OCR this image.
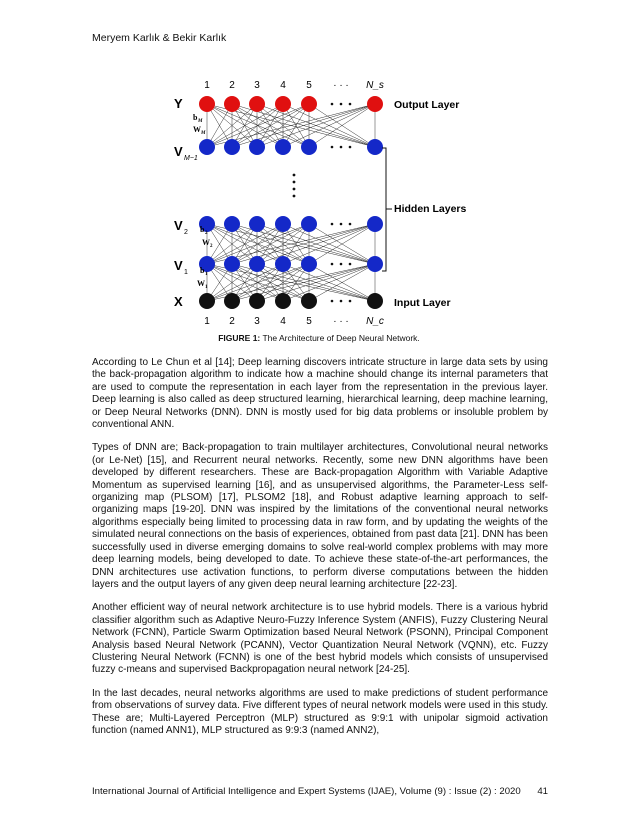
Meryem Karlık & Bekir Karlık
1 2 3 4 5 · · · N_s
1 2 3 4 5 · · · N_c
Y
V M−1
V 2
V 1
X
b M
W M
b 2
W 2
b 1
W 1
Output Layer
Hidden Layers
Input Layer
FIGURE 1: The Architecture of Deep Neural Network.

According to Le Chun et al [14]; Deep learning discovers intricate structure in large data sets by using the back-propagation algorithm to indicate how a machine should change its internal parameters that are used to compute the representation in each layer from the representation in the previous layer. Deep learning is also called as deep structured learning, hierarchical learning, deep machine learning, or Deep Neural Networks (DNN). DNN is mostly used for big data problems or insoluble problem by conventional ANN.

Types of DNN are; Back-propagation to train multilayer architectures, Convolutional neural networks (or Le-Net) [15], and Recurrent neural networks. Recently, some new DNN algorithms have been developed by different researchers. These are Back-propagation Algorithm with Variable Adaptive Momentum as supervised learning [16], and as unsupervised algorithms, the Parameter-Less self-organizing map (PLSOM) [17], PLSOM2 [18], and Robust adaptive learning approach to self-organizing maps [19-20]. DNN was inspired by the limitations of the conventional neural networks algorithms especially being limited to processing data in raw form, and by updating the weights of the simulated neural connections on the basis of experiences, obtained from past data [21]. DNN has been successfully used in diverse emerging domains to solve real-world complex problems with may more deep learning models, being developed to date. To achieve these state-of-the-art performances, the DNN architectures use activation functions, to perform diverse computations between the hidden layers and the output layers of any given deep neural learning architecture [22-23].

Another efficient way of neural network architecture is to use hybrid models. There is a various hybrid classifier algorithm such as Adaptive Neuro-Fuzzy Inference System (ANFIS), Fuzzy Clustering Neural Network (FCNN), Particle Swarm Optimization based Neural Network (PSONN), Principal Component Analysis based Neural Network (PCANN), Vector Quantization Neural Network (VQNN), etc. Fuzzy Clustering Neural Network (FCNN) is one of the best hybrid models which consists of unsupervised fuzzy c-means and supervised Backpropagation neural network [24-25].

In the last decades, neural networks algorithms are used to make predictions of student performance from observations of survey data. Five different types of neural network models were used in this study. These are; Multi-Layered Perceptron (MLP) structured as 9:9:1 with unipolar sigmoid activation function (named ANN1), MLP structured as 9:9:3 (named ANN2),

International Journal of Artificial Intelligence and Expert Systems (IJAE), Volume (9) : Issue (2) : 2020 41
